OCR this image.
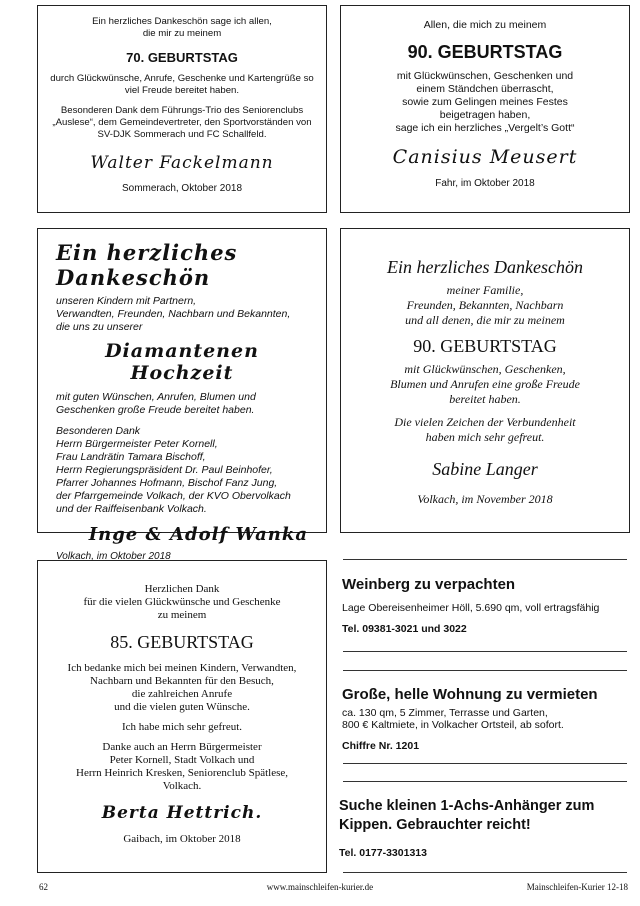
Ein herzliches Dankeschön sage ich allen,

die mir zu meinem

70. GEBURTSTAG

durch Glückwünsche, Anrufe, Geschenke und Kartengrüße so

viel Freude bereitet haben.

Besonderen Dank dem Führungs-Trio des Seniorenclubs

„Auslese“, dem Gemeindevertreter, den Sportvorständen von

SV-DJK Sommerach und FC Schallfeld.

Walter Fackelmann

Sommerach, Oktober 2018

Allen, die mich zu meinem

90. GEBURTSTAG

mit Glückwünschen, Geschenken und

einem Ständchen überrascht,

sowie zum Gelingen meines Festes

beigetragen haben,

sage ich ein herzliches „Vergelt’s Gott“

Canisius Meusert

Fahr, im Oktober 2018

Ein herzliches Dankeschön

unseren Kindern mit Partnern,

Verwandten, Freunden, Nachbarn und Bekannten,

die uns zu unserer

Diamantenen Hochzeit

mit guten Wünschen, Anrufen, Blumen und

Geschenken große Freude bereitet haben.

Besonderen Dank

Herrn Bürgermeister Peter Kornell,

Frau Landrätin Tamara Bischoff,

Herrn Regierungspräsident Dr. Paul Beinhofer,

Pfarrer Johannes Hofmann, Bischof Fanz Jung,

der Pfarrgemeinde Volkach, der KVO Obervolkach

und der Raiffeisenbank Volkach.

Inge & Adolf Wanka

Volkach, im Oktober 2018

Ein herzliches Dankeschön

meiner Familie,

Freunden, Bekannten, Nachbarn

und all denen, die mir zu meinem

90. GEBURTSTAG

mit Glückwünschen, Geschenken,

Blumen und Anrufen eine große Freude

bereitet haben.

Die vielen Zeichen der Verbundenheit

haben mich sehr gefreut.

Sabine Langer

Volkach, im November 2018

Herzlichen Dank

für die vielen Glückwünsche und Geschenke

zu meinem

85. GEBURTSTAG

Ich bedanke mich bei meinen Kindern, Verwandten,

Nachbarn und Bekannten für den Besuch,

die zahlreichen Anrufe

und die vielen guten Wünsche.

Ich habe mich sehr gefreut.

Danke auch an Herrn Bürgermeister

Peter Kornell, Stadt Volkach und

Herrn Heinrich Kresken, Seniorenclub Spätlese,

Volkach.

Berta Hettrich.

Gaibach, im Oktober 2018

Weinberg zu verpachten

Lage Obereisenheimer Höll, 5.690 qm, voll ertragsfähig

Tel. 09381-3021 und 3022

Große, helle Wohnung zu vermieten

ca. 130 qm, 5 Zimmer, Terrasse und Garten,

800 € Kaltmiete, in Volkacher Ortsteil, ab sofort.

Chiffre Nr. 1201

Suche kleinen 1-Achs-Anhänger zum

Kippen. Gebrauchter reicht!

Tel. 0177-3301313

62	www.mainschleifen-kurier.de	Mainschleifen-Kurier 12-18
